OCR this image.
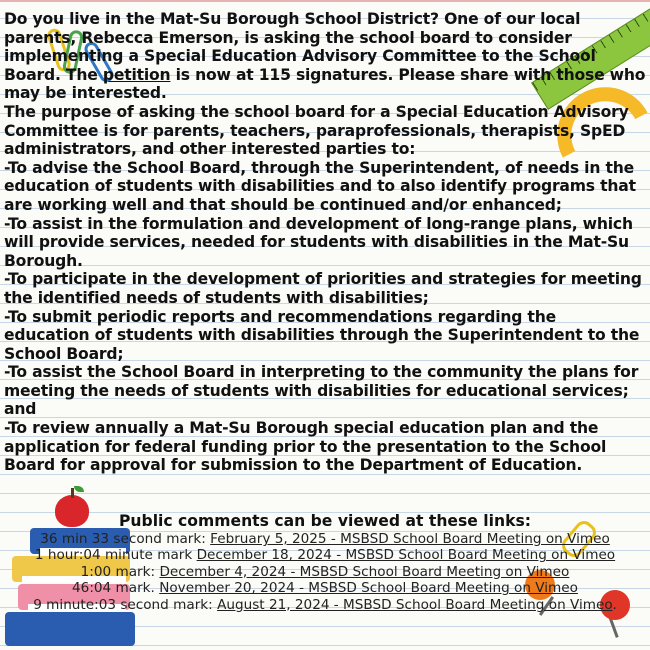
Do you live in the Mat-Su Borough School District? One of our local parents, Rebecca Emerson, is asking the school board to consider implementing a Special Education Advisory Committee to the School Board. The petition is now at 115 signatures. Please share with those who may be interested.

The purpose of asking the school board for a Special Education Advisory Committee is for parents, teachers, paraprofessionals, therapists, SpED administrators, and other interested parties to:

-To advise the School Board, through the Superintendent, of needs in the education of students with disabilities and to also identify programs that are working well and that should be continued and/or enhanced;

-To assist in the formulation and development of long-range plans, which will provide services, needed for students with disabilities in the Mat-Su Borough.

-To participate in the development of priorities and strategies for meeting the identified needs of students with disabilities;

-To submit periodic reports and recommendations regarding the education of students with disabilities through the Superintendent to the School Board;

-To assist the School Board in interpreting to the community the plans for meeting the needs of students with disabilities for educational services; and

-To review annually a Mat-Su Borough special education plan and the application for federal funding prior to the presentation to the School Board for approval for submission to the Department of Education.

Public comments can be viewed at these links:

36 min 33 second mark: February 5, 2025 - MSBSD School Board Meeting on Vimeo

1 hour:04 minute mark December 18, 2024 - MSBSD School Board Meeting on Vimeo

1:00 mark: December 4, 2024 - MSBSD School Board Meeting on Vimeo

46:04 mark. November 20, 2024 - MSBSD School Board Meeting on Vimeo

9 minute:03 second mark: August 21, 2024 - MSBSD School Board Meeting on Vimeo.
